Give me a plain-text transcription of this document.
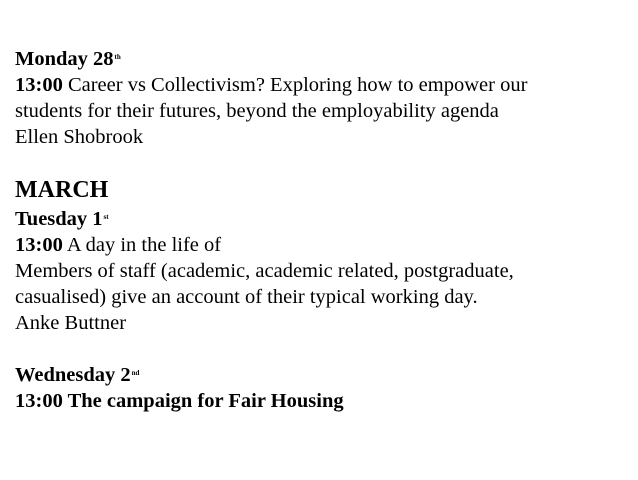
Monday 28th
13:00 Career vs Collectivism? Exploring how to empower our
students for their futures, beyond the employability agenda
Ellen Shobrook
MARCH
Tuesday 1st
13:00 A day in the life of
Members of staff (academic, academic related, postgraduate,
casualised) give an account of their typical working day.
Anke Buttner
Wednesday 2nd
13:00 The campaign for Fair Housing
